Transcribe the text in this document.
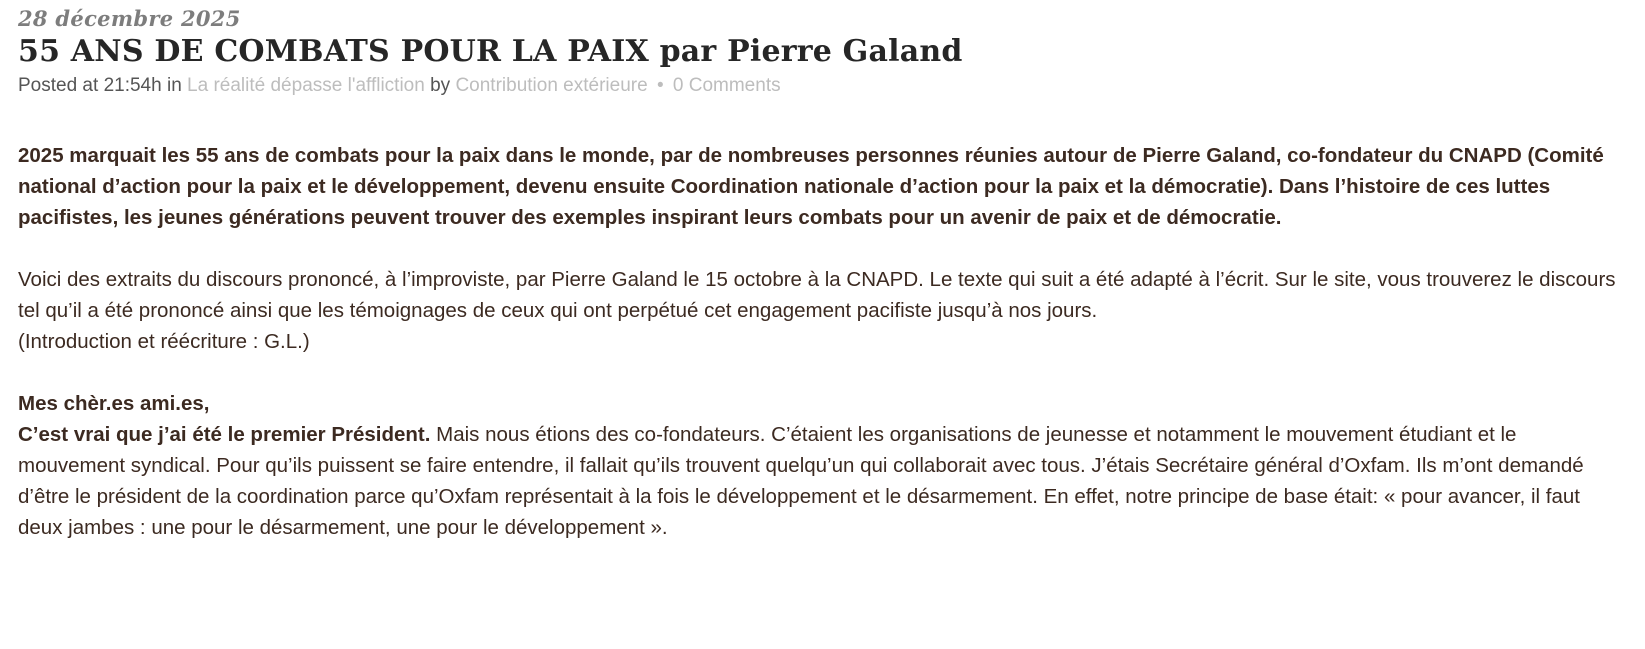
28 décembre 2025
55 ANS DE COMBATS POUR LA PAIX par Pierre Galand
Posted at 21:54h in La réalité dépasse l'affliction by Contribution extérieure • 0 Comments

2025 marquait les 55 ans de combats pour la paix dans le monde, par de nombreuses personnes réunies autour de Pierre Galand, co-fondateur du CNAPD (Comité national d’action pour la paix et le développement, devenu ensuite Coordination nationale d’action pour la paix et la démocratie). Dans l’histoire de ces luttes pacifistes, les jeunes générations peuvent trouver des exemples inspirant leurs combats pour un avenir de paix et de démocratie.

Voici des extraits du discours prononcé, à l’improviste, par Pierre Galand le 15 octobre à la CNAPD. Le texte qui suit a été adapté à l’écrit. Sur le site, vous trouverez le discours tel qu’il a été prononcé ainsi que les témoignages de ceux qui ont perpétué cet engagement pacifiste jusqu’à nos jours.
(Introduction et réécriture : G.L.)

Mes chèr.es ami.es,
C’est vrai que j’ai été le premier Président. Mais nous étions des co-fondateurs. C’étaient les organisations de jeunesse et notamment le mouvement étudiant et le mouvement syndical. Pour qu’ils puissent se faire entendre, il fallait qu’ils trouvent quelqu’un qui collaborait avec tous. J’étais Secrétaire général d’Oxfam. Ils m’ont demandé d’être le président de la coordination parce qu’Oxfam représentait à la fois le développement et le désarmement. En effet, notre principe de base était: « pour avancer, il faut deux jambes : une pour le désarmement, une pour le développement ».
